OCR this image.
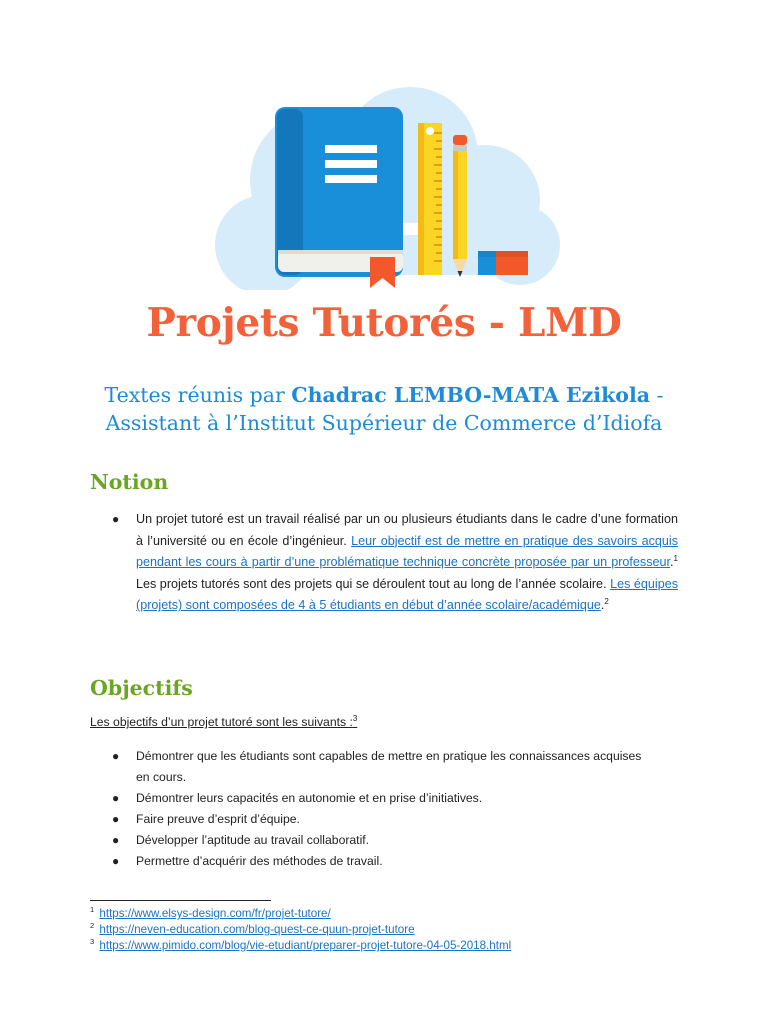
Projets Tutorés - LMD
Textes réunis par Chadrac LEMBO-MATA Ezikola - Assistant à l’Institut Supérieur de Commerce d’Idiofa
Notion
● Un projet tutoré est un travail réalisé par un ou plusieurs étudiants dans le cadre d’une formation à l’université ou en école d’ingénieur. Leur objectif est de mettre en pratique des savoirs acquis pendant les cours à partir d’une problématique technique concrète proposée par un professeur.$^1$ Les projets tutorés sont des projets qui se déroulent tout au long de l’année scolaire. Les équipes (projets) sont composées de 4 à 5 étudiants en début d’année scolaire/académique.$^2$
Objectifs
Les objectifs d’un projet tutoré sont les suivants :$^3$
● Démontrer que les étudiants sont capables de mettre en pratique les connaissances acquises en cours.
● Démontrer leurs capacités en autonomie et en prise d’initiatives.
● Faire preuve d’esprit d’équipe.
● Développer l’aptitude au travail collaboratif.
● Permettre d’acquérir des méthodes de travail.
$^1$ https://www.elsys-design.com/fr/projet-tutore/
$^2$ https://neven-education.com/blog-quest-ce-quun-projet-tutore
$^3$ https://www.pimido.com/blog/vie-etudiant/preparer-projet-tutore-04-05-2018.html
